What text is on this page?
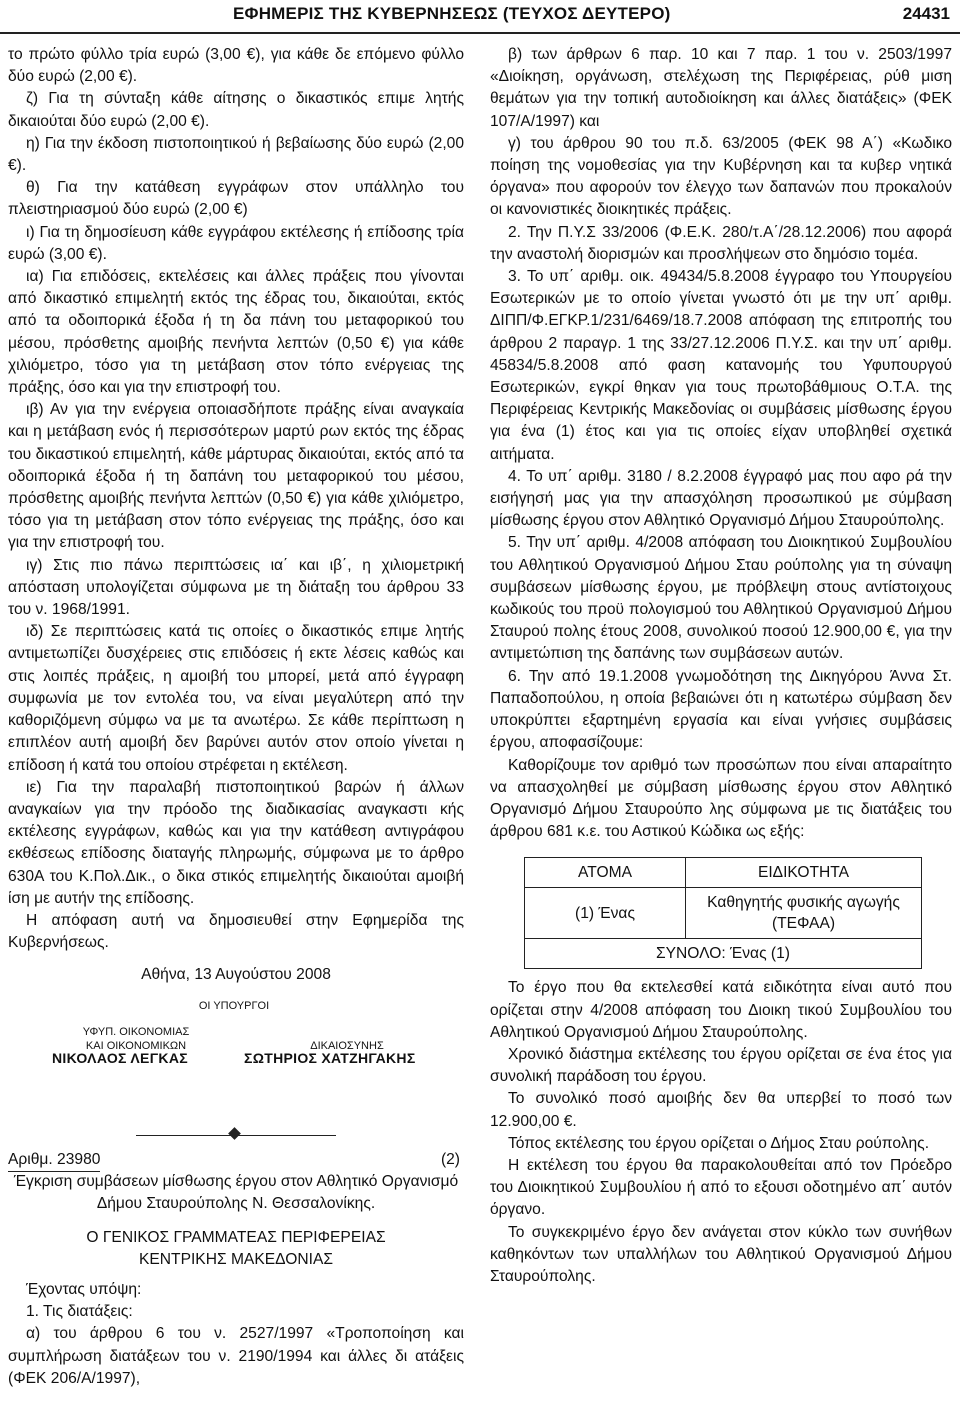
ΕΦΗΜΕΡΙΣ ΤΗΣ ΚΥΒΕΡΝΗΣΕΩΣ (ΤΕΥΧΟΣ ΔΕΥΤΕΡΟ)	24431

το πρώτο φύλλο τρία ευρώ (3,00 €), για κάθε δε επόμενο φύλλο δύο ευρώ (2,00 €).

ζ) Για τη σύνταξη κάθε αίτησης ο δικαστικός επιμε λητής δικαιούται δύο ευρώ (2,00 €).

η) Για την έκδοση πιστοποιητικού ή βεβαίωσης δύο ευρώ (2,00 €).

θ) Για την κατάθεση εγγράφων στον υπάλληλο του πλειστηριασμού δύο ευρώ (2,00 €)

ι) Για τη δημοσίευση κάθε εγγράφου εκτέλεσης ή επίδοσης τρία ευρώ (3,00 €).

ια) Για επιδόσεις, εκτελέσεις και άλλες πράξεις που γίνονται από δικαστικό επιμελητή εκτός της έδρας του, δικαιούται, εκτός από τα οδοιπορικά έξοδα ή τη δα πάνη του μεταφορικού του μέσου, πρόσθετης αμοιβής πενήντα λεπτών (0,50 €) για κάθε χιλιόμετρο, τόσο για τη μετάβαση στον τόπο ενέργειας της πράξης, όσο και για την επιστροφή του.

ιβ) Αν για την ενέργεια οποιασδήποτε πράξης είναι αναγκαία και η μετάβαση ενός ή περισσότερων μαρτύ ρων εκτός της έδρας του δικαστικού επιμελητή, κάθε μάρτυρας δικαιούται, εκτός από τα οδοιπορικά έξοδα ή τη δαπάνη του μεταφορικού του μέσου, πρόσθετης αμοιβής πενήντα λεπτών (0,50 €) για κάθε χιλιόμετρο, τόσο για τη μετάβαση στον τόπο ενέργειας της πράξης, όσο και για την επιστροφή του.

ιγ) Στις πιο πάνω περιπτώσεις ια΄ και ιβ΄, η χιλιομετρική απόσταση υπολογίζεται σύμφωνα με τη διάταξη του άρθρου 33 του ν. 1968/1991.

ιδ) Σε περιπτώσεις κατά τις οποίες ο δικαστικός επιμε λητής αντιμετωπίζει δυσχέρειες στις επιδόσεις ή εκτε λέσεις καθώς και στις λοιπές πράξεις, η αμοιβή του μπορεί, μετά από έγγραφη συμφωνία με τον εντολέα του, να είναι μεγαλύτερη από την καθοριζόμενη σύμφω να με τα ανωτέρω. Σε κάθε περίπτωση η επιπλέον αυτή αμοιβή δεν βαρύνει αυτόν στον οποίο γίνεται η επίδοση ή κατά του οποίου στρέφεται η εκτέλεση.

ιε) Για την παραλαβή πιστοποιητικού βαρών ή άλλων αναγκαίων για την πρόοδο της διαδικασίας αναγκαστι κής εκτέλεσης εγγράφων, καθώς και για την κατάθεση αντιγράφου εκθέσεως επίδοσης διαταγής πληρωμής, σύμφωνα με το άρθρο 630Α του Κ.Πολ.Δικ., ο δικα στικός επιμελητής δικαιούται αμοιβή ίση με αυτήν της επίδοσης.

Η απόφαση αυτή να δημοσιευθεί στην Εφημερίδα της Κυβερνήσεως.

Αθήνα, 13 Αυγούστου 2008

ΟΙ ΥΠΟΥΡΓΟΙ
ΥΦΥΠ. ΟΙΚΟΝΟΜΙΑΣ
ΚΑΙ ΟΙΚΟΝΟΜΙΚΩΝ	ΔΙΚΑΙΟΣΥΝΗΣ
ΝΙΚΟΛΑΟΣ ΛΕΓΚΑΣ	ΣΩΤΗΡΙΟΣ ΧΑΤΖΗΓΑΚΗΣ
Αριθμ. 23980	(2)

Έγκριση συμβάσεων μίσθωσης έργου στον Αθλητικό Οργανισμό Δήμου Σταυρούπολης Ν. Θεσσαλονίκης.

Ο ΓΕΝΙΚΟΣ ΓΡΑΜΜΑΤΕΑΣ ΠΕΡΙΦΕΡΕΙΑΣ
ΚΕΝΤΡΙΚΗΣ ΜΑΚΕΔΟΝΙΑΣ

Έχοντας υπόψη:

1. Τις διατάξεις:

α) του άρθρου 6 του ν. 2527/1997 «Τροποποίηση και συμπλήρωση διατάξεων του ν. 2190/1994 και άλλες δι ατάξεις (ΦΕΚ 206/Α/1997),

β) των άρθρων 6 παρ. 10 και 7 παρ. 1 του ν. 2503/1997 «Διοίκηση, οργάνωση, στελέχωση της Περιφέρειας, ρύθ μιση θεμάτων για την τοπική αυτοδιοίκηση και άλλες διατάξεις» (ΦΕΚ 107/Α/1997) και

γ) του άρθρου 90 του π.δ. 63/2005 (ΦΕΚ 98 Α΄) «Κωδικο ποίηση της νομοθεσίας για την Κυβέρνηση και τα κυβερ νητικά όργανα» που αφορούν τον έλεγχο των δαπανών που προκαλούν οι κανονιστικές διοικητικές πράξεις.

2. Την Π.Υ.Σ 33/2006 (Φ.Ε.Κ. 280/τ.Α΄/28.12.2006) που αφορά την αναστολή διορισμών και προσλήψεων στο δημόσιο τομέα.

3. Το υπ΄ αριθμ. οικ. 49434/5.8.2008 έγγραφο του Υπουργείου Εσωτερικών με το οποίο γίνεται γνωστό ότι με την υπ΄ αριθμ. ΔΙΠΠ/Φ.ΕΓΚΡ.1/231/6469/18.7.2008 απόφαση της επιτροπής του άρθρου 2 παραγρ. 1 της 33/27.12.2006 Π.Υ.Σ. και την υπ΄ αριθμ. 45834/5.8.2008 από φαση κατανομής του Υφυπουργού Εσωτερικών, εγκρί θηκαν για τους πρωτοβάθμιους Ο.Τ.Α. της Περιφέρειας Κεντρικής Μακεδονίας οι συμβάσεις μίσθωσης έργου για ένα (1) έτος και για τις οποίες είχαν υποβληθεί σχετικά αιτήματα.

4. Το υπ΄ αριθμ. 3180 / 8.2.2008 έγγραφό μας που αφο ρά την εισήγησή μας για την απασχόληση προσωπικού με σύμβαση μίσθωσης έργου στον Αθλητικό Οργανισμό Δήμου Σταυρούπολης.

5. Την υπ΄ αριθμ. 4/2008 απόφαση του Διοικητικού Συμβουλίου του Αθλητικού Οργανισμού Δήμου Σταυ ρούπολης για τη σύναψη συμβάσεων μίσθωσης έργου, με πρόβλεψη στους αντίστοιχους κωδικούς του προϋ πολογισμού του Αθλητικού Οργανισμού Δήμου Σταυρού πολης έτους 2008, συνολικού ποσού 12.900,00 €, για την αντιμετώπιση της δαπάνης των συμβάσεων αυτών.

6. Την από 19.1.2008 γνωμοδότηση της Δικηγόρου Άννα Στ. Παπαδοπούλου, η οποία βεβαιώνει ότι η κατωτέρω σύμβαση δεν υποκρύπτει εξαρτημένη εργασία και είναι γνήσιες συμβάσεις έργου, αποφασίζουμε:

Καθορίζουμε τον αριθμό των προσώπων που είναι απαραίτητο να απασχοληθεί με σύμβαση μίσθωσης έργου στον Αθλητικό Οργανισμό Δήμου Σταυρούπο λης σύμφωνα με τις διατάξεις του άρθρου 681 κ.ε. του Αστικού Κώδικα ως εξής:

ΑΤΟΜΑ	ΕΙΔΙΚΟΤΗΤΑ
(1) Ένας	Καθηγητής φυσικής αγωγής (ΤΕΦΑΑ)
ΣΥΝΟΛΟ: Ένας (1)	

Το έργο που θα εκτελεσθεί κατά ειδικότητα είναι αυτό που ορίζεται στην 4/2008 απόφαση του Διοικη τικού Συμβουλίου του Αθλητικού Οργανισμού Δήμου Σταυρούπολης.

Χρονικό διάστημα εκτέλεσης του έργου ορίζεται σε ένα έτος για συνολική παράδοση του έργου.

Το συνολικό ποσό αμοιβής δεν θα υπερβεί το ποσό των 12.900,00 €.

Τόπος εκτέλεσης του έργου ορίζεται ο Δήμος Σταυ ρούπολης.

Η εκτέλεση του έργου θα παρακολουθείται από τον Πρόεδρο του Διοικητικού Συμβουλίου ή από το εξουσι οδοτημένο απ΄ αυτόν όργανο.

Το συγκεκριμένο έργο δεν ανάγεται στον κύκλο των συνήθων καθηκόντων των υπαλλήλων του Αθλητικού Οργανισμού Δήμου Σταυρούπολης.
